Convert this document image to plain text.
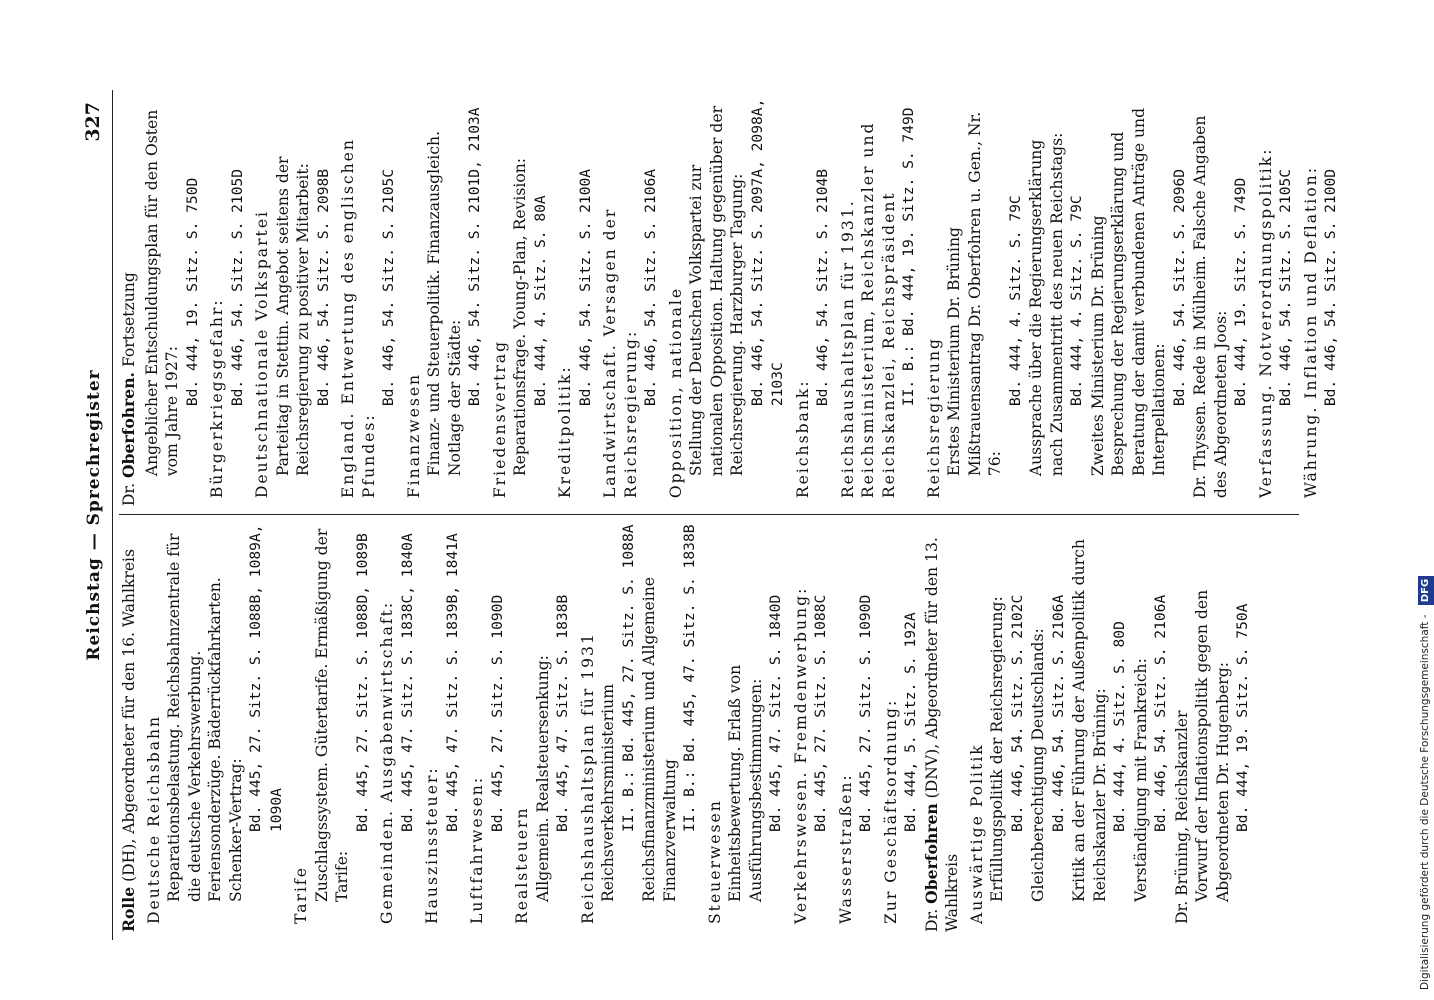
Reichstag — Sprechregister
327
Rolle (DH), Abgeordneter für den 16. Wahlkreis Deutsche Reichsbahn Reparationsbelastung. Reichsbahnzentrale für die deutsche Verkehrswerbung. Feriensonderzüge. Bäderrückfahrkarten. Schenker-Vertrag: Bd. 445, 27. Sitz. S. 1088B, 1089A, 1090A
Tarife Zuschlagssystem. Gütertarife. Ermäßigung der Tarife:
Bd. 445, 27. Sitz. S. 1088D, 1089B Gemeinden. Ausgabenwirtschaft: Bd. 445, 47. Sitz. S. 1838C, 1840A
Hauszinssteuer:
Bd. 445, 47. Sitz. S. 1839B, 1841A
Luftfahrwesen:
Bd. 445, 27. Sitz. S. 1090D
Realsteuern Allgemein. Realsteuersenkung: Bd. 445, 47. Sitz. S. 1838B Reichshaushaltsplan für 1931 Reichsverkehrsministerium II. B.: Bd. 445, 27. Sitz. S. 1088A Reichsfinanzministerium und Allgemeine Finanzverwaltung II. B.: Bd. 445, 47. Sitz. S. 1838B
Steuerwesen Einheitsbewertung. Erlaß von Ausführungsbestimmungen: Bd. 445, 47. Sitz. S. 1840D Verkehrswesen. Fremdenwerbung: Bd. 445, 27. Sitz. S. 1088C
Wasserstraßen:
Bd. 445, 27. Sitz. S. 1090D Zur Geschäftsordnung: Bd. 444, 5. Sitz. S. 192A
Dr. Oberfohren (DNV), Abgeordneter für den 13. Wahlkreis Auswärtige Politik Erfüllungspolitik der Reichsregierung: Bd. 446, 54. Sitz. S. 2102C Gleichberechtigung Deutschlands: Bd. 446, 54. Sitz. S. 2106A Kritik an der Führung der Außenpolitik durch Reichskanzler Dr. Brüning: Bd. 444, 4. Sitz. S. 80D Verständigung mit Frankreich: Bd. 446, 54. Sitz. S. 2106A Dr. Brüning, Reichskanzler Vorwurf der Inflationspolitik gegen den Abgeordneten Dr. Hugenberg: Bd. 444, 19. Sitz. S. 750A
Dr. Oberfohren. Fortsetzung Angeblicher Entschuldungsplan für den Osten vom Jahre 1927:
Bd. 444, 19. Sitz. S. 750D Bürgerkriegsgefahr: Bd. 446, 54. Sitz. S. 2105D Deutschnationale Volkspartei Parteitag in Stettin. Angebot seitens der Reichsregierung zu positiver Mitarbeit: Bd. 446, 54. Sitz. S. 2098B England. Entwertung des englischen Pfundes:
Bd. 446, 54. Sitz. S. 2105C
Finanzwesen Finanz- und Steuerpolitik. Finanzausgleich. Notlage der Städte: Bd. 446, 54. Sitz. S. 2101D, 2103A
Friedensvertrag Reparationsfrage. Young-Plan, Revision: Bd. 444, 4. Sitz. S. 80A
Kreditpolitik:
Bd. 446, 54. Sitz. S. 2100A Landwirtschaft. Versagen der Reichsregierung:
Bd. 446, 54. Sitz. S. 2106A Opposition, nationale Stellung der Deutschen Volkspartei zur nationalen Opposition. Haltung gegenüber der Reichsregierung. Harzburger Tagung: Bd. 446, 54. Sitz. S. 2097A, 2098A, 2103C Reichsbank:
Bd. 446, 54. Sitz. S. 2104B Reichshaushaltsplan für 1931. Reichsministerium, Reichskanzler und Reichskanzlei, Reichspräsident II. B.: Bd. 444, 19. Sitz. S. 749D
Reichsregierung Erstes Ministerium Dr. Brüning Mißtrauensantrag Dr. Oberfohren u. Gen., Nr. 76:
Bd. 444, 4. Sitz. S. 79C Aussprache über die Regierungserklärung nach Zusammentritt des neuen Reichstags: Bd. 444, 4. Sitz. S. 79C Zweites Ministerium Dr. Brüning Besprechung der Regierungserklärung und Beratung der damit verbundenen Anträge und Interpellationen:
Bd. 446, 54. Sitz. S. 2096D Dr. Thyssen. Rede in Mülheim. Falsche Angaben des Abgeordneten Joos: Bd. 444, 19. Sitz. S. 749D Verfassung. Notverordnungspolitik: Bd. 446, 54. Sitz. S. 2105C Währung. Inflation und Deflation: Bd. 446, 54. Sitz. S. 2100D
Digitalisierung gefördert durch die Deutsche Forschungsgemeinschaft - DFG
